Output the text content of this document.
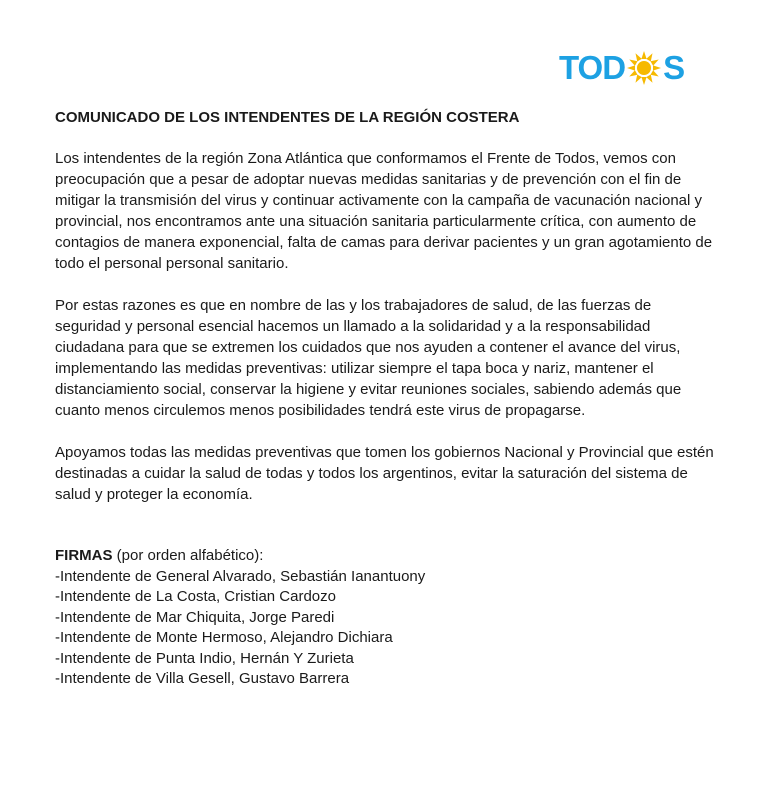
TOD S
COMUNICADO DE LOS INTENDENTES DE LA REGIÓN COSTERA

Los intendentes de la región Zona Atlántica que conformamos el Frente de Todos, vemos con preocupación que a pesar de adoptar nuevas medidas sanitarias y de prevención con el fin de mitigar la transmisión del virus y continuar activamente con la campaña de vacunación nacional y provincial, nos encontramos ante una situación sanitaria particularmente crítica, con aumento de contagios de manera exponencial, falta de camas para derivar pacientes y un gran agotamiento de todo el personal personal sanitario.

Por estas razones es que en nombre de las y los trabajadores de salud, de las fuerzas de seguridad y personal esencial hacemos un llamado a la solidaridad y a la responsabilidad ciudadana para que se extremen los cuidados que nos ayuden a contener el avance del virus, implementando las medidas preventivas: utilizar siempre el tapa boca y nariz, mantener el distanciamiento social, conservar la higiene y evitar reuniones sociales, sabiendo además que cuanto menos circulemos menos posibilidades tendrá este virus de propagarse.

Apoyamos todas las medidas preventivas que tomen los gobiernos Nacional y Provincial que estén destinadas a cuidar la salud de todas y todos los argentinos, evitar la saturación del sistema de salud y proteger la economía.

FIRMAS (por orden alfabético):
-Intendente de General Alvarado, Sebastián Ianantuony
-Intendente de La Costa, Cristian Cardozo
-Intendente de Mar Chiquita, Jorge Paredi
-Intendente de Monte Hermoso, Alejandro Dichiara
-Intendente de Punta Indio, Hernán Y Zurieta
-Intendente de Villa Gesell, Gustavo Barrera
